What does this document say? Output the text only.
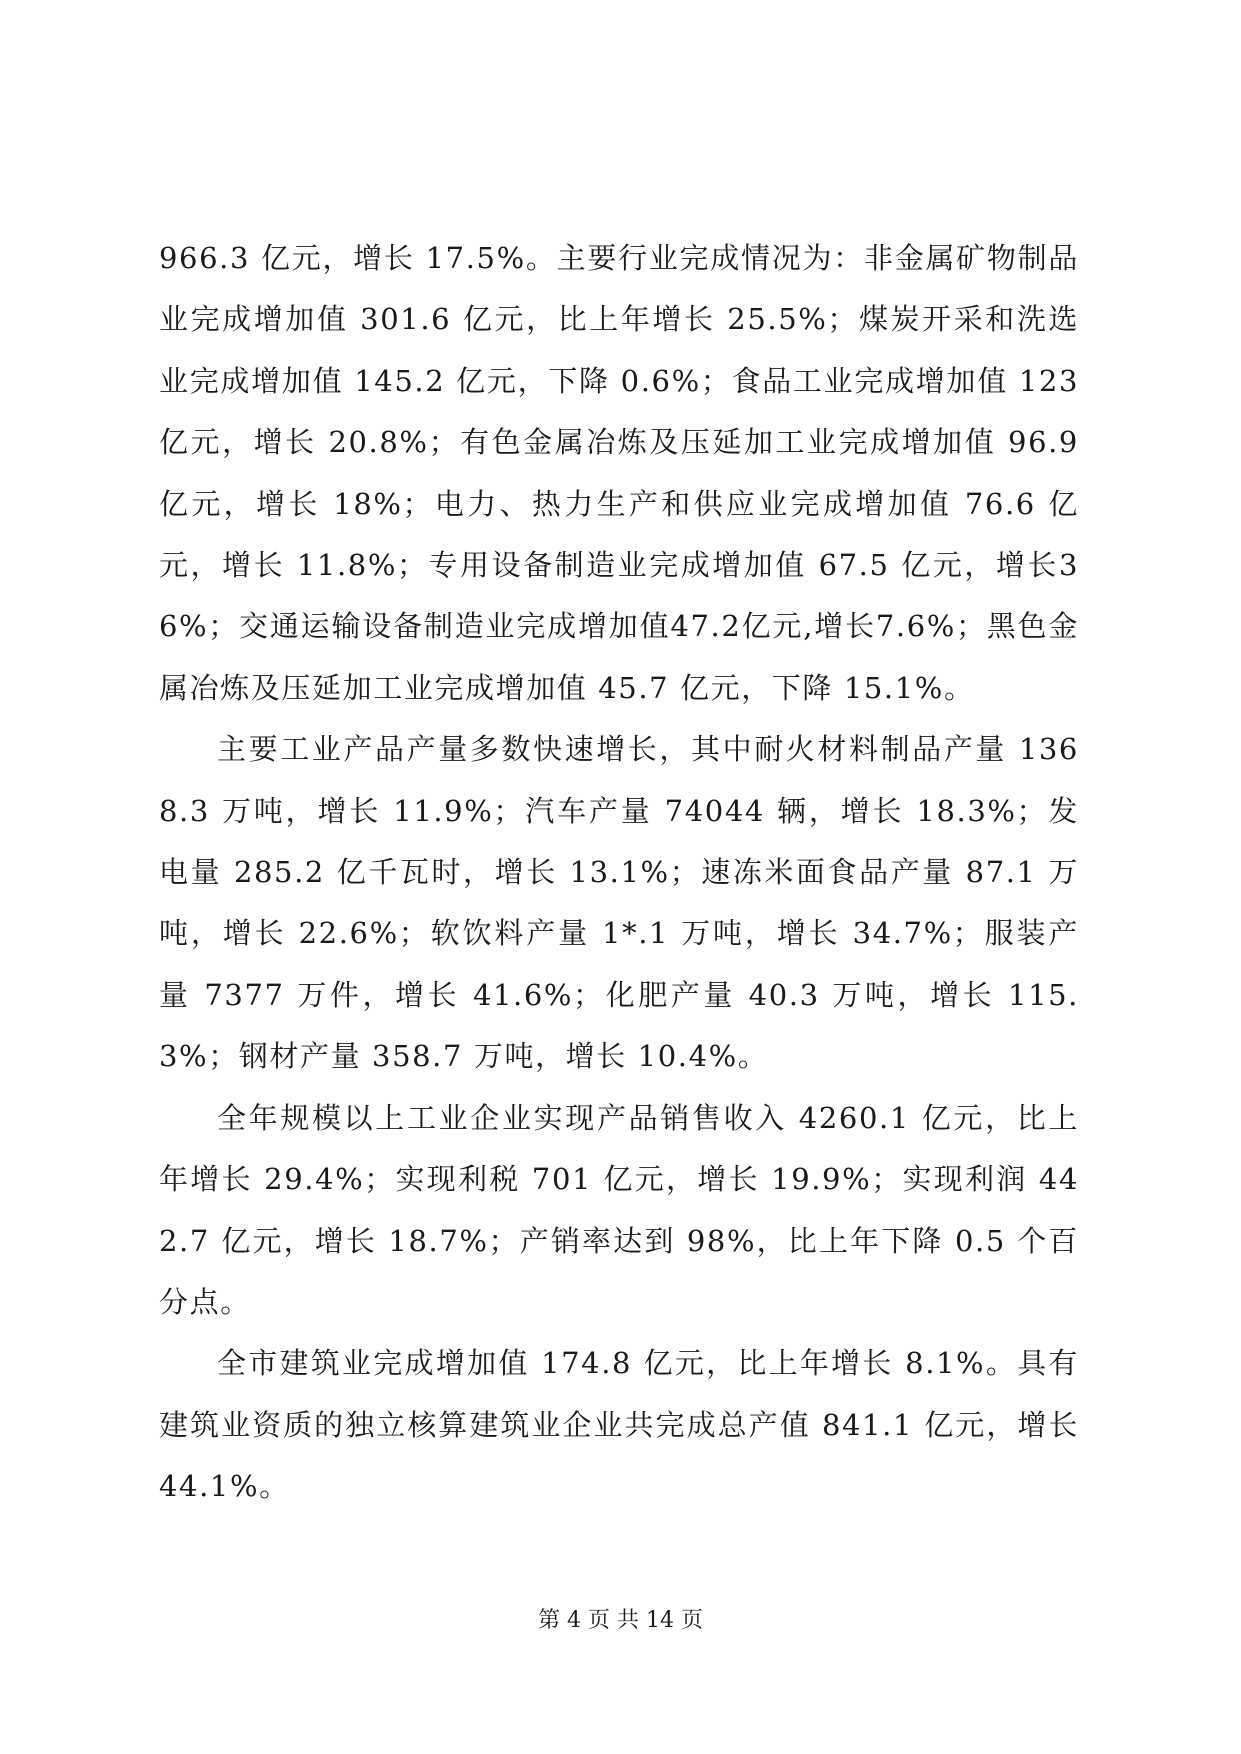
966.3 亿元，增长 17.5%。主要行业完成情况为：非金属矿物制品业完成增加值 301.6 亿元，比上年增长 25.5%；煤炭开采和洗选业完成增加值 145.2 亿元，下降 0.6%；食品工业完成增加值 123 亿元，增长 20.8%；有色金属冶炼及压延加工业完成增加值 96.9 亿元，增长 18%；电力、热力生产和供应业完成增加值 76.6 亿元，增长 11.8%；专用设备制造业完成增加值 67.5 亿元，增长36%；交通运输设备制造业完成增加值47.2亿元,增长7.6%；黑色金属冶炼及压延加工业完成增加值 45.7 亿元，下降 15.1%。

主要工业产品产量多数快速增长，其中耐火材料制品产量 1368.3 万吨，增长 11.9%；汽车产量 74044 辆，增长 18.3%；发电量 285.2 亿千瓦时，增长 13.1%；速冻米面食品产量 87.1 万吨，增长 22.6%；软饮料产量 1*.1 万吨，增长 34.7%；服装产量 7377 万件，增长 41.6%；化肥产量 40.3 万吨，增长 115.3%；钢材产量 358.7 万吨，增长 10.4%。

全年规模以上工业企业实现产品销售收入 4260.1 亿元，比上年增长 29.4%；实现利税 701 亿元，增长 19.9%；实现利润 442.7 亿元，增长 18.7%；产销率达到 98%，比上年下降 0.5 个百分点。

全市建筑业完成增加值 174.8 亿元，比上年增长 8.1%。具有建筑业资质的独立核算建筑业企业共完成总产值 841.1 亿元，增长 44.1%。

第 4 页 共 14 页
